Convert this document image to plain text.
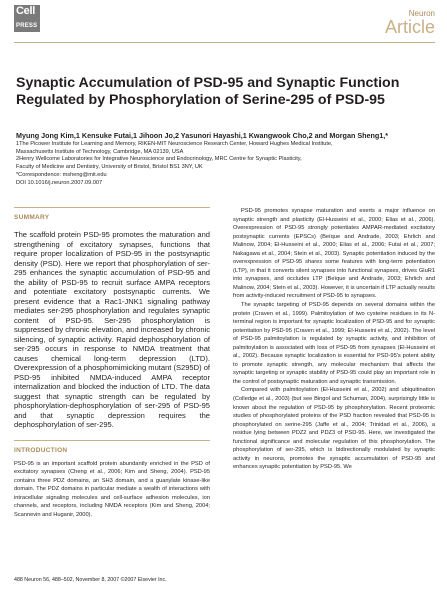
Cell
PRESS
Neuron
Article
Synaptic Accumulation of PSD-95 and Synaptic Function Regulated by Phosphorylation of Serine-295 of PSD-95

Myung Jong Kim,1 Kensuke Futai,1 Jihoon Jo,2 Yasunori Hayashi,1 Kwangwook Cho,2 and Morgan Sheng1,*

1The Picower Institute for Learning and Memory, RIKEN-MIT Neuroscience Research Center, Howard Hughes Medical Institute,
Massachusetts Institute of Technology, Cambridge, MA 02139, USA
2Henry Wellcome Laboratories for Integrative Neuroscience and Endocrinology, MRC Centre for Synaptic Plasticity,
Faculty of Medicine and Dentistry, University of Bristol, Bristol BS1 3NY, UK
*Correspondence: msheng@mit.edu
DOI 10.1016/j.neuron.2007.09.007

SUMMARY

The scaffold protein PSD-95 promotes the maturation and strengthening of excitatory synapses, functions that require proper localization of PSD-95 in the postsynaptic density (PSD). Here we report that phosphorylation of ser-295 enhances the synaptic accumulation of PSD-95 and the ability of PSD-95 to recruit surface AMPA receptors and potentiate excitatory postsynaptic currents. We present evidence that a Rac1-JNK1 signaling pathway mediates ser-295 phosphorylation and regulates synaptic content of PSD-95. Ser-295 phosphorylation is suppressed by chronic elevation, and increased by chronic silencing, of synaptic activity. Rapid dephosphorylation of ser-295 occurs in response to NMDA treatment that causes chemical long-term depression (LTD). Overexpression of a phosphomimicking mutant (S295D) of PSD-95 inhibited NMDA-induced AMPA receptor internalization and blocked the induction of LTD. The data suggest that synaptic strength can be regulated by phosphorylation-dephosphorylation of ser-295 of PSD-95 and that synaptic depression requires the dephosphorylation of ser-295.

INTRODUCTION

PSD-95 is an important scaffold protein abundantly enriched in the PSD of excitatory synapses (Cheng et al., 2006; Kim and Sheng, 2004). PSD-95 contains three PDZ domains, an SH3 domain, and a guanylate kinase-like domain. The PDZ domains in particular mediate a wealth of interactions with intracellular signaling molecules and cell-surface adhesion molecules, ion channels, and receptors, including NMDA receptors (Kim and Sheng, 2004; Scannevin and Huganir, 2000).

PSD-95 promotes synapse maturation and exerts a major influence on synaptic strength and plasticity (El-Husseini et al., 2000; Elias et al., 2006). Overexpression of PSD-95 strongly potentiates AMPAR-mediated excitatory postsynaptic currents (EPSCs) (Beïque and Andrade, 2003; Ehrlich and Malinow, 2004; El-Husseini et al., 2000; Elias et al., 2006; Futai et al., 2007; Nakagawa et al., 2004; Stein et al., 2003). Synaptic potentiation induced by the overexpression of PSD-95 shares some features with long-term potentiation (LTP), in that it converts silent synapses into functional synapses, drives GluR1 into synapses, and occludes LTP (Beïque and Andrade, 2003; Ehrlich and Malinow, 2004; Stein et al., 2003). However, it is uncertain if LTP actually results from activity-induced recruitment of PSD-95 to synapses.

The synaptic targeting of PSD-95 depends on several domains within the protein (Craven et al., 1999). Palmitoylation of two cysteine residues in its N-terminal region is important for synaptic localization of PSD-95 and for synaptic potentiation by PSD-95 (Craven et al., 1999; El-Husseini et al., 2002). The level of PSD-95 palmitoylation is regulated by synaptic activity, and inhibition of palmitoylation is associated with loss of PSD-95 from synapses (El-Husseini et al., 2002). Because synaptic localization is essential for PSD-95's potent ability to promote synaptic strength, any molecular mechanism that affects the synaptic targeting or synaptic stability of PSD-95 could play an important role in the control of postsynaptic maturation and synaptic transmission.

Compared with palmitoylation (El-Husseini et al., 2002) and ubiquitination (Colledge et al., 2003) (but see Bingol and Schuman, 2004), surprisingly little is known about the regulation of PSD-95 by phosphorylation. Recent proteomic studies of phosphorylated proteins of the PSD fraction revealed that PSD-95 is phosphorylated on serine-295 (Jaffe et al., 2004; Trinidad et al., 2006), a residue lying between PDZ2 and PDZ3 of PSD-95. Here, we investigated the functional significance and molecular regulation of this phosphorylation. The phosphorylation of ser-295, which is bidirectionally modulated by synaptic activity in neurons, promotes the synaptic accumulation of PSD-95 and enhances synaptic potentiation by PSD-95. We

488 Neuron 56, 488–502, November 8, 2007 ©2007 Elsevier Inc.
